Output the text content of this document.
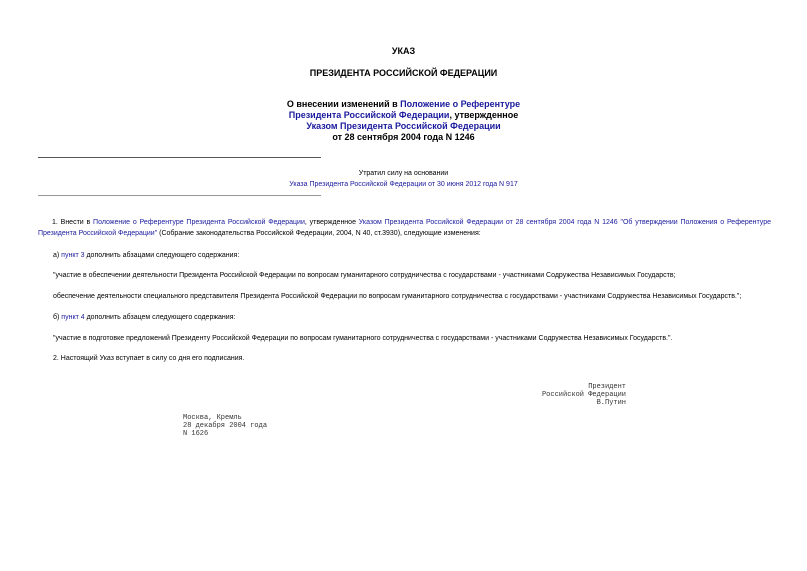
УКАЗ
ПРЕЗИДЕНТА РОССИЙСКОЙ ФЕДЕРАЦИИ
О внесении изменений в Положение о Референтуре
Президента Российской Федерации, утвержденное
Указом Президента Российской Федерации
от 28 сентября 2004 года N 1246
Утратил силу на основании
Указа Президента Российской Федерации от 30 июня 2012 года N 917
1. Внести в Положение о Референтуре Президента Российской Федерации, утвержденное Указом Президента Российской Федерации от 28 сентября 2004 года N 1246 "Об утверждении Положения о Референтуре Президента Российской Федерации" (Собрание законодательства Российской Федерации, 2004, N 40, ст.3930), следующие изменения:
а) пункт 3 дополнить абзацами следующего содержания:
"участие в обеспечении деятельности Президента Российской Федерации по вопросам гуманитарного сотрудничества с государствами - участниками Содружества Независимых Государств;
обеспечение деятельности специального представителя Президента Российской Федерации по вопросам гуманитарного сотрудничества с государствами - участниками Содружества Независимых Государств.";
б) пункт 4 дополнить абзацем следующего содержания:
"участие в подготовке предложений Президенту Российской Федерации по вопросам гуманитарного сотрудничества с государствами - участниками Содружества Независимых Государств.".
2. Настоящий Указ вступает в силу со дня его подписания.
Президент
Российской Федерации
В.Путин
Москва, Кремль
28 декабря 2004 года
N 1626
